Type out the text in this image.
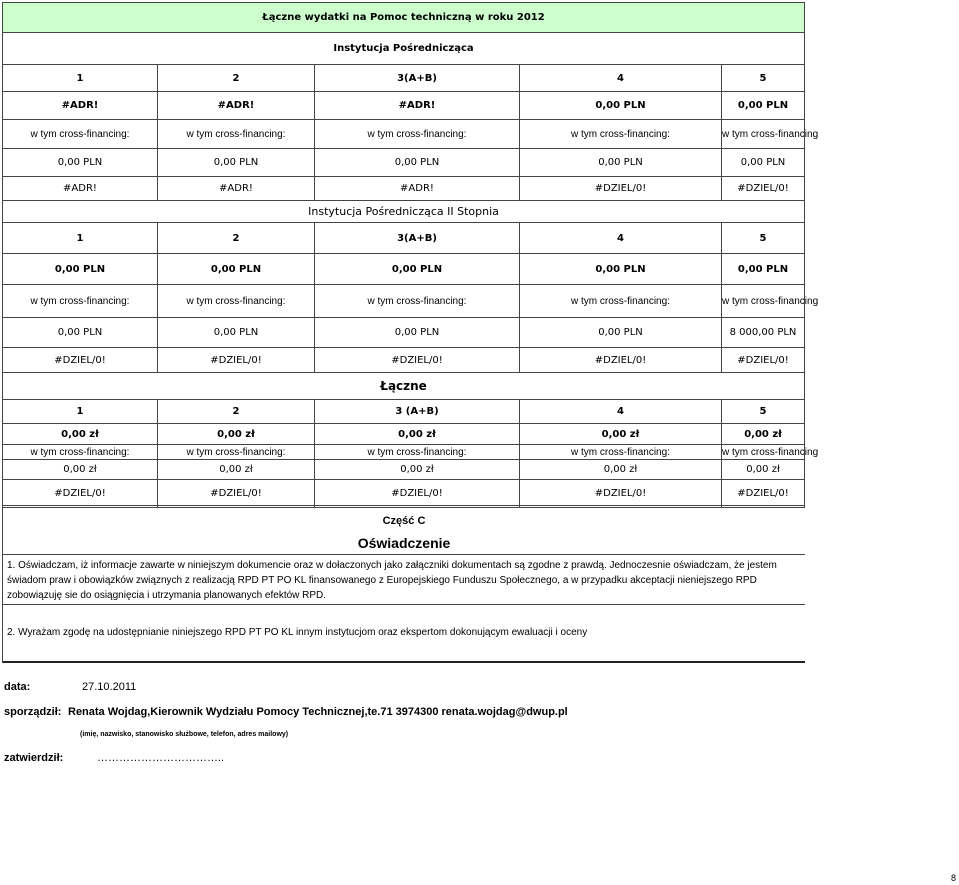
Łączne wydatki na Pomoc techniczną w roku 2012				
Instytucja Pośrednicząca				
1	2	3(A+B)	4	5
#ADR!	#ADR!	#ADR!	0,00 PLN	0,00 PLN
w tym cross-financing:	w tym cross-financing:	w tym cross-financing:	w tym cross-financing:	w tym cross-financing
0,00 PLN	0,00 PLN	0,00 PLN	0,00 PLN	0,00 PLN
#ADR!	#ADR!	#ADR!	#DZIEL/0!	#DZIEL/0!
Instytucja Pośrednicząca II Stopnia				
1	2	3(A+B)	4	5
0,00 PLN	0,00 PLN	0,00 PLN	0,00 PLN	0,00 PLN
w tym cross-financing:	w tym cross-financing:	w tym cross-financing:	w tym cross-financing:	w tym cross-financing
0,00 PLN	0,00 PLN	0,00 PLN	0,00 PLN	8 000,00 PLN
#DZIEL/0!	#DZIEL/0!	#DZIEL/0!	#DZIEL/0!	#DZIEL/0!
Łączne				
1	2	3 (A+B)	4	5
0,00 zł	0,00 zł	0,00 zł	0,00 zł	0,00 zł
w tym cross-financing:	w tym cross-financing:	w tym cross-financing:	w tym cross-financing:	w tym cross-financing
0,00 zł	0,00 zł	0,00 zł	0,00 zł	0,00 zł
#DZIEL/0!	#DZIEL/0!	#DZIEL/0!	#DZIEL/0!	#DZIEL/0!
Część C
Oświadczenie
1. Oświadczam, iż informacje zawarte w niniejszym dokumencie oraz w dołaczonych jako załączniki dokumentach są zgodne z prawdą. Jednoczesnie oświadczam, że jestem świadom praw i obowiązków związnych z realizacją RPD PT PO KL finansowanego z Europejskiego Funduszu Społecznego, a w przypadku akceptacji nieniejszego RPD zobowiązuję sie do osiągnięcia i utrzymania planowanych efektów RPD.
2. Wyrażam zgodę na udostępnianie niniejszego RPD PT PO KL innym instytucjom oraz ekspertom dokonującym ewaluacji i oceny
data:	27.10.2011
sporządził: Renata Wojdag,Kierownik Wydziału Pomocy Technicznej,te.71 3974300 renata.wojdag@dwup.pl
(imię, nazwisko, stanowisko służbowe, telefon, adres mailowy)
zatwierdził:	……………………………..
8
